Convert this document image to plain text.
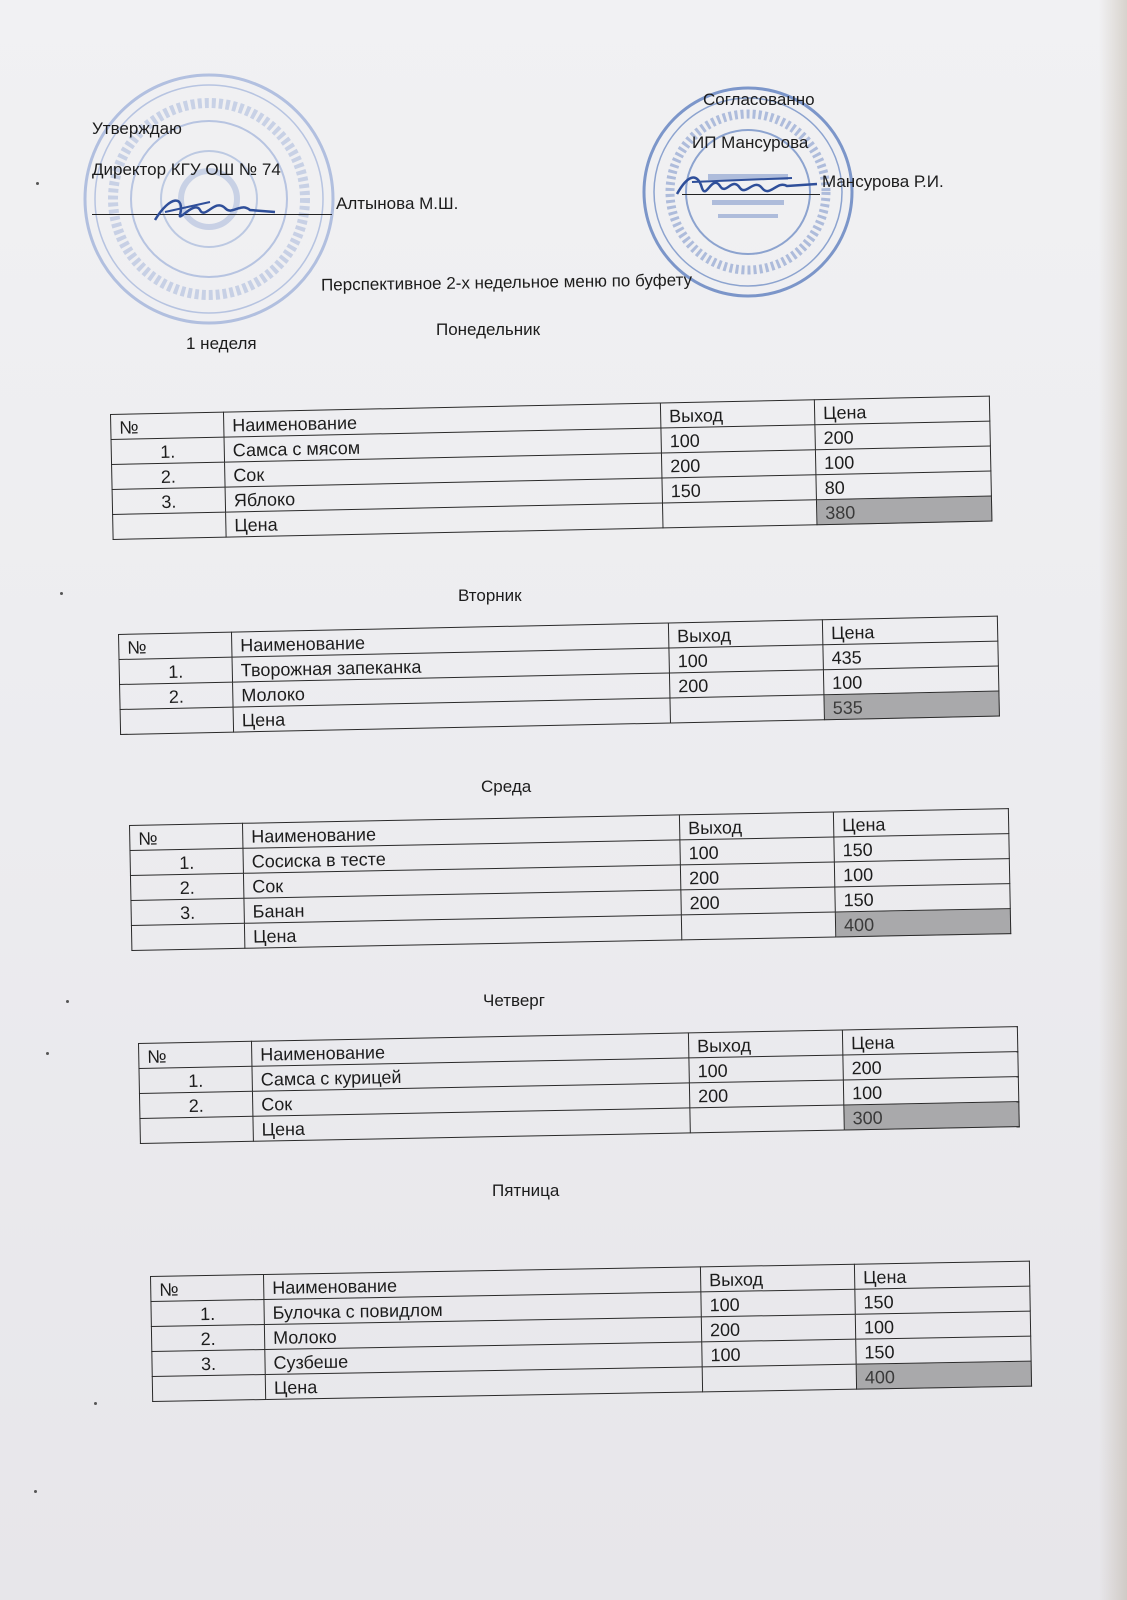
Утверждаю
Директор КГУ ОШ № 74
Алтынова М.Ш.
Согласованно
ИП Мансурова
Мансурова Р.И.
Перспективное 2-х недельное меню по буфету
1 неделя
Понедельник
Вторник
Среда
Четверг
Пятница
№	Наименование	Выход	Цена
1.	Самса с мясом	100	200
2.	Сок	200	100
3.	Яблоко	150	80
	Цена		380
№	Наименование	Выход	Цена
1.	Творожная запеканка	100	435
2.	Молоко	200	100
	Цена		535
№	Наименование	Выход	Цена
1.	Сосиска в тесте	100	150
2.	Сок	200	100
3.	Банан	200	150
	Цена		400
№	Наименование	Выход	Цена
1.	Самса с курицей	100	200
2.	Сок	200	100
	Цена		300
№	Наименование	Выход	Цена
1.	Булочка с повидлом	100	150
2.	Молоко	200	100
3.	Сузбеше	100	150
	Цена		400
